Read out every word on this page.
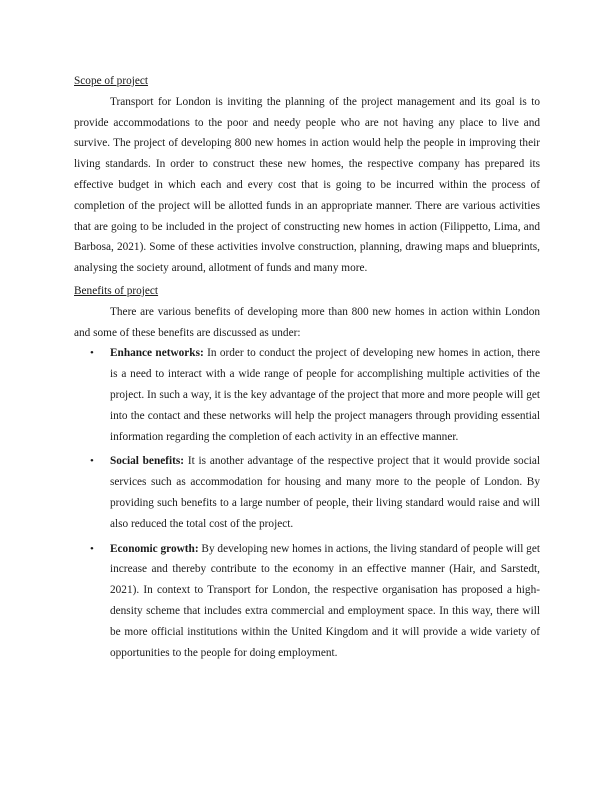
Scope of project

Transport for London is inviting the planning of the project management and its goal is to provide accommodations to the poor and needy people who are not having any place to live and survive. The project of developing 800 new homes in action would help the people in improving their living standards. In order to construct these new homes, the respective company has prepared its effective budget in which each and every cost that is going to be incurred within the process of completion of the project will be allotted funds in an appropriate manner. There are various activities that are going to be included in the project of constructing new homes in action (Filippetto, Lima, and Barbosa, 2021). Some of these activities involve construction, planning, drawing maps and blueprints, analysing the society around, allotment of funds and many more.

Benefits of project

There are various benefits of developing more than 800 new homes in action within London and some of these benefits are discussed as under:

• Enhance networks: In order to conduct the project of developing new homes in action, there is a need to interact with a wide range of people for accomplishing multiple activities of the project. In such a way, it is the key advantage of the project that more and more people will get into the contact and these networks will help the project managers through providing essential information regarding the completion of each activity in an effective manner.
• Social benefits: It is another advantage of the respective project that it would provide social services such as accommodation for housing and many more to the people of London. By providing such benefits to a large number of people, their living standard would raise and will also reduced the total cost of the project.
• Economic growth: By developing new homes in actions, the living standard of people will get increase and thereby contribute to the economy in an effective manner (Hair, and Sarstedt, 2021). In context to Transport for London, the respective organisation has proposed a high-density scheme that includes extra commercial and employment space. In this way, there will be more official institutions within the United Kingdom and it will provide a wide variety of opportunities to the people for doing employment.
